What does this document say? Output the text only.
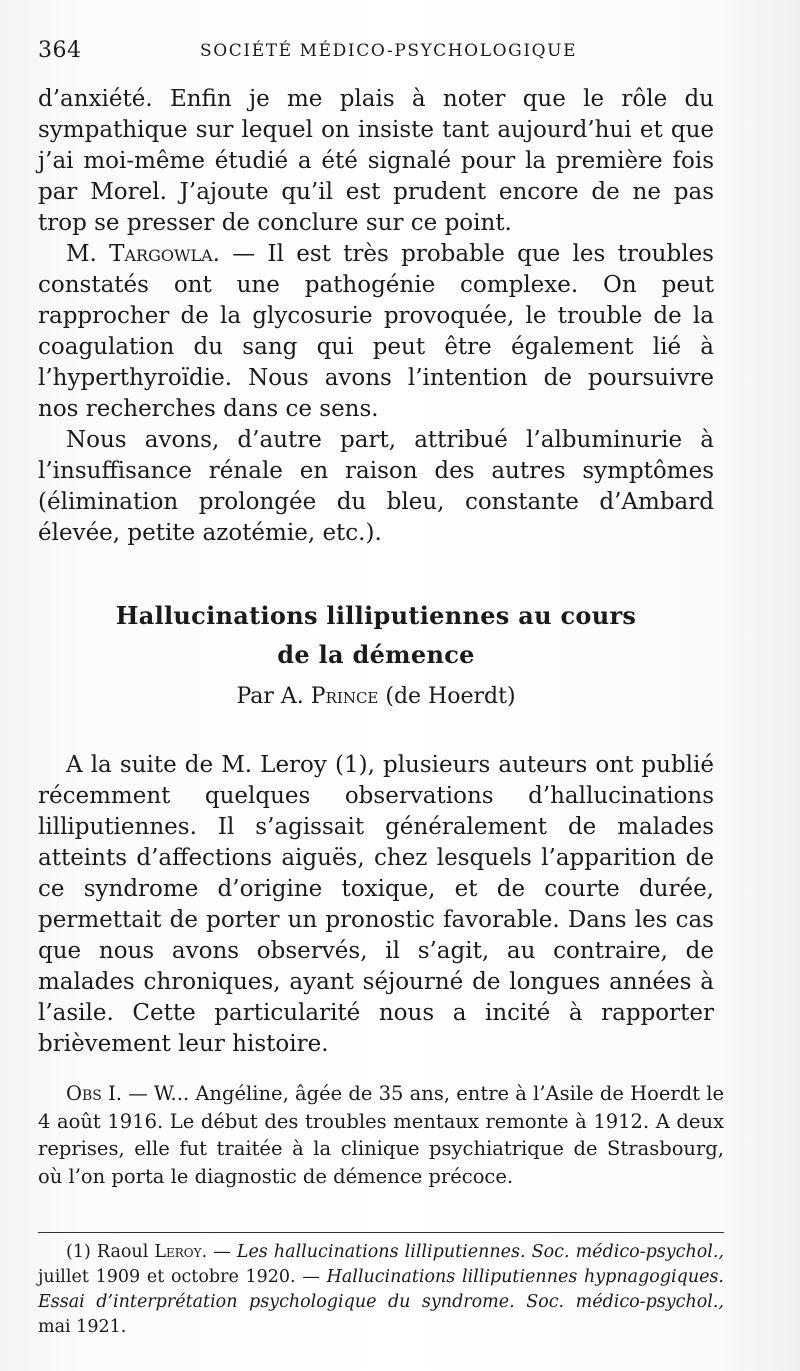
364	SOCIÉTÉ MÉDICO-PSYCHOLOGIQUE

d’anxiété. Enfin je me plais à noter que le rôle du sympathique sur lequel on insiste tant aujourd’hui et que j’ai moi-même étudié a été signalé pour la première fois par Morel. J’ajoute qu’il est prudent encore de ne pas trop se presser de conclure sur ce point.

M. Targowla. — Il est très probable que les troubles constatés ont une pathogénie complexe. On peut rapprocher de la glycosurie provoquée, le trouble de la coagulation du sang qui peut être également lié à l’hyperthyroïdie. Nous avons l’intention de poursuivre nos recherches dans ce sens.

Nous avons, d’autre part, attribué l’albuminurie à l’insuffisance rénale en raison des autres symptômes (élimination prolongée du bleu, constante d’Ambard élevée, petite azotémie, etc.).

Hallucinations lilliputiennes au cours
de la démence
Par A. Prince (de Hoerdt)

A la suite de M. Leroy (1), plusieurs auteurs ont publié récemment quelques observations d’hallucinations lilliputiennes. Il s’agissait généralement de malades atteints d’affections aiguës, chez lesquels l’apparition de ce syndrome d’origine toxique, et de courte durée, permettait de porter un pronostic favorable. Dans les cas que nous avons observés, il s’agit, au contraire, de malades chroniques, ayant séjourné de longues années à l’asile. Cette particularité nous a incité à rapporter brièvement leur histoire.

Obs I. — W... Angéline, âgée de 35 ans, entre à l’Asile de Hoerdt le 4 août 1916. Le début des troubles mentaux remonte à 1912. A deux reprises, elle fut traitée à la clinique psychiatrique de Strasbourg, où l’on porta le diagnostic de démence précoce.

(1) Raoul Leroy. — Les hallucinations lilliputiennes. Soc. médico-psychol., juillet 1909 et octobre 1920. — Hallucinations lilliputiennes hypnagogiques. Essai d’interprétation psychologique du syndrome. Soc. médico-psychol., mai 1921.
